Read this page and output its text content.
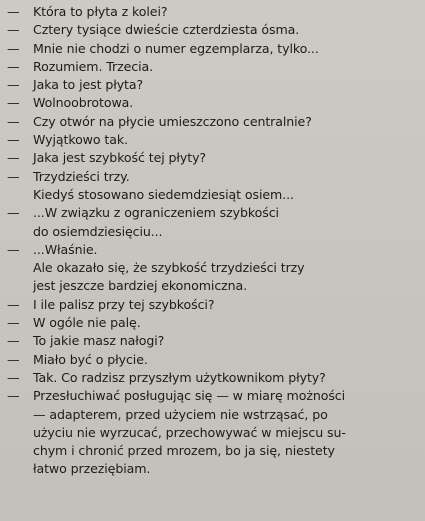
— Która to płyta z kolei?
— Cztery tysiące dwieście czterdziesta ósma.
— Mnie nie chodzi o numer egzemplarza, tylko...
— Rozumiem. Trzecia.
— Jaka to jest płyta?
— Wolnoobrotowa.
— Czy otwór na płycie umieszczono centralnie?
— Wyjątkowo tak.
— Jaka jest szybkość tej płyty?
— Trzydzieści trzy.
Kiedyś stosowano siedemdziesiąt osiem...
— ...W związku z ograniczeniem szybkości
do osiemdziesięciu...
— ...Właśnie.
Ale okazało się, że szybkość trzydzieści trzy
jest jeszcze bardziej ekonomiczna.
— I ile palisz przy tej szybkości?
— W ogóle nie palę.
— To jakie masz nałogi?
— Miało być o płycie.
— Tak. Co radzisz przyszłym użytkownikom płyty?
— Przesłuchiwać posługując się — w miarę możności
— adapterem, przed użyciem nie wstrząsać, po
użyciu nie wyrzucać, przechowywać w miejscu su-
chym i chronić przed mrozem, bo ja się, niestety
łatwo przeziębiam.
